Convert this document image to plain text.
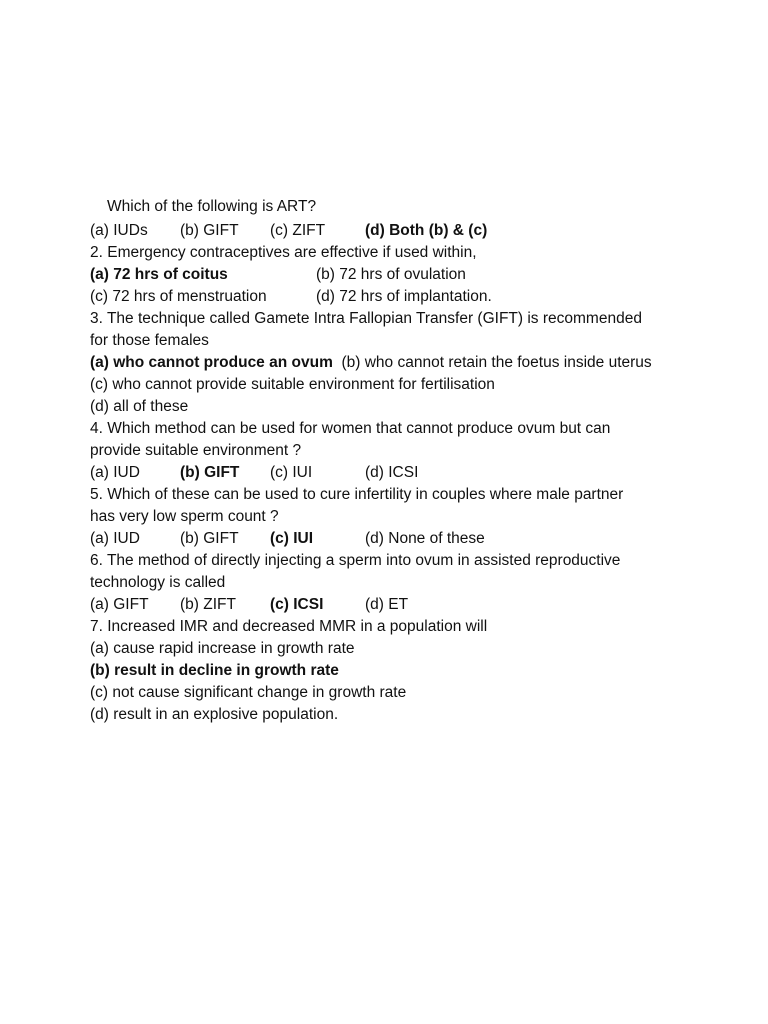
Which of the following is ART?
(a) IUDs (b) GIFT (c) ZIFT	(d) Both (b) & (c)
2. Emergency contraceptives are effective if used within,
(a) 72 hrs of coitus	(b) 72 hrs of ovulation
(c) 72 hrs of menstruation	(d) 72 hrs of implantation.
3. The technique called Gamete Intra Fallopian Transfer (GIFT) is recommended
for those females
(a) who cannot produce an ovum (b) who cannot retain the foetus inside uterus
(c) who cannot provide suitable environment for fertilisation
(d) all of these
4. Which method can be used for women that cannot produce ovum but can
provide suitable environment ?
(a) IUD	(b) GIFT (c) IUI	(d) ICSI
5. Which of these can be used to cure infertility in couples where male partner
has very low sperm count ?
(a) IUD	(b) GIFT (c) IUI	(d) None of these
6. The method of directly injecting a sperm into ovum in assisted reproductive
technology is called
(a) GIFT (b) ZIFT (c) ICSI	(d) ET
7. Increased IMR and decreased MMR in a population will
(a) cause rapid increase in growth rate
(b) result in decline in growth rate
(c) not cause significant change in growth rate
(d) result in an explosive population.
